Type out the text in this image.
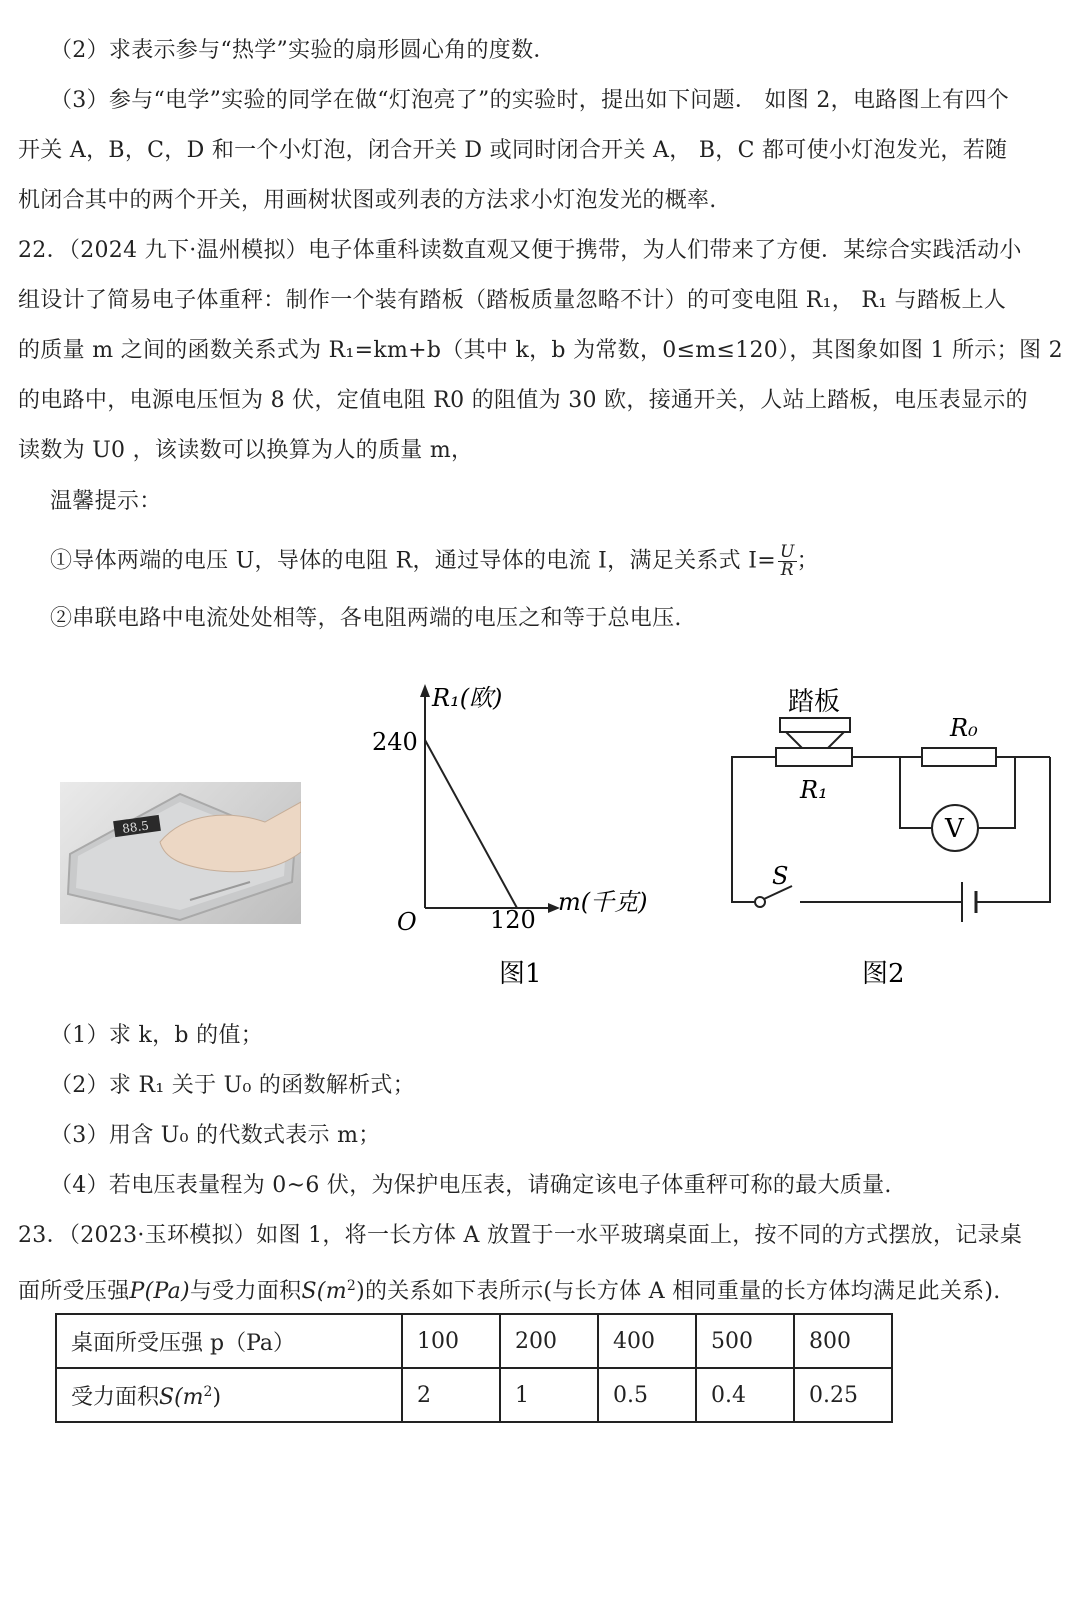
（2）求表示参与“热学”实验的扇形圆心角的度数．
（3）参与“电学”实验的同学在做“灯泡亮了”的实验时，提出如下问题． 如图 2，电路图上有四个
开关 A，B，C，D 和一个小灯泡，闭合开关 D 或同时闭合开关 A， B，C 都可使小灯泡发光，若随
机闭合其中的两个开关，用画树状图或列表的方法求小灯泡发光的概率.
22．（2024 九下·温州模拟）电子体重科读数直观又便于携带，为人们带来了方便．某综合实践活动小
组设计了简易电子体重秤：制作一个装有踏板（踏板质量忽略不计）的可变电阻 R₁， R₁ 与踏板上人
的质量 m 之间的函数关系式为 R₁=km+b（其中 k，b 为常数，0≤m≤120），其图象如图 1 所示；图 2
的电路中，电源电压恒为 8 伏，定值电阻 R0 的阻值为 30 欧，接通开关，人站上踏板，电压表显示的
读数为 U0 ，该读数可以换算为人的质量 m，
温馨提示：
①导体两端的电压 U，导体的电阻 R，通过导体的电流 I，满足关系式 $I= \frac{U}{R}$ ；
②串联电路中电流处处相等，各电阻两端的电压之和等于总电压.
88.5
R₁(欧)
240
O	120
m(千克)
图1
踏板
R₁
R₀
V
S
图2
（1）求 k，b 的值；
（2）求 R₁ 关于 U₀ 的函数解析式；
（3）用含 U₀ 的代数式表示 m；
（4）若电压表量程为 0~6 伏，为保护电压表，请确定该电子体重秤可称的最大质量.
23．（2023·玉环模拟）如图 1，将一长方体 A 放置于一水平玻璃桌面上，按不同的方式摆放，记录桌
面所受压强P(Pa)与受力面积$S(m^2)$的关系如下表所示(与长方体 A 相同重量的长方体均满足此关系).
桌面所受压强 p（Pa）	100	200	400	500	800
受力面积$S(m^2)$	2	1	0.5	0.4	0.25
